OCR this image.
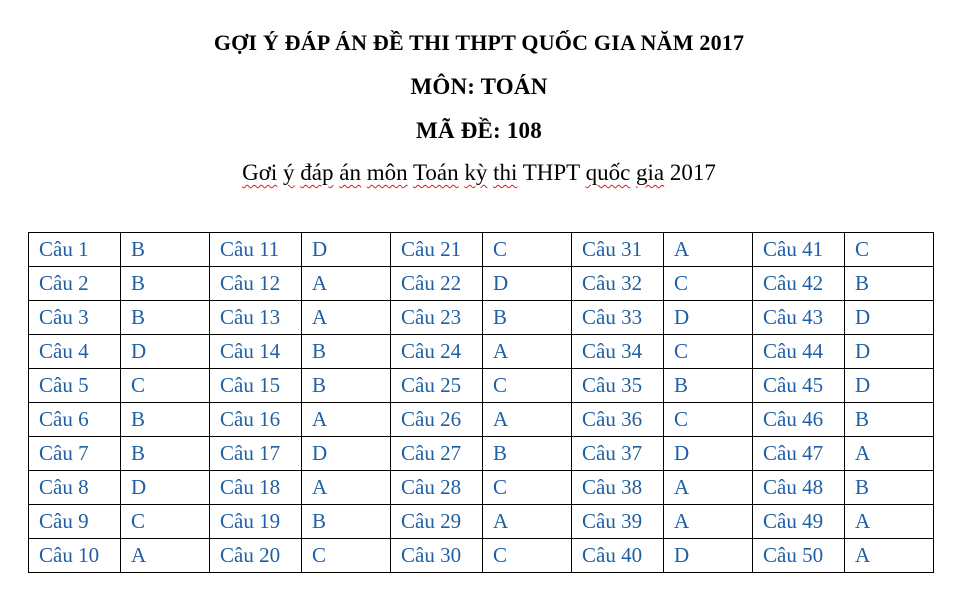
GỢI Ý ĐÁP ÁN ĐỀ THI THPT QUỐC GIA NĂM 2017
MÔN: TOÁN
MÃ ĐỀ: 108
Gơi ý đáp án môn Toán kỳ thi THPT quốc gia 2017
Câu 1	B	Câu 11	D	Câu 21	C	Câu 31	A	Câu 41	C
Câu 2	B	Câu 12	A	Câu 22	D	Câu 32	C	Câu 42	B
Câu 3	B	Câu 13	A	Câu 23	B	Câu 33	D	Câu 43	D
Câu 4	D	Câu 14	B	Câu 24	A	Câu 34	C	Câu 44	D
Câu 5	C	Câu 15	B	Câu 25	C	Câu 35	B	Câu 45	D
Câu 6	B	Câu 16	A	Câu 26	A	Câu 36	C	Câu 46	B
Câu 7	B	Câu 17	D	Câu 27	B	Câu 37	D	Câu 47	A
Câu 8	D	Câu 18	A	Câu 28	C	Câu 38	A	Câu 48	B
Câu 9	C	Câu 19	B	Câu 29	A	Câu 39	A	Câu 49	A
Câu 10	A	Câu 20	C	Câu 30	C	Câu 40	D	Câu 50	A
